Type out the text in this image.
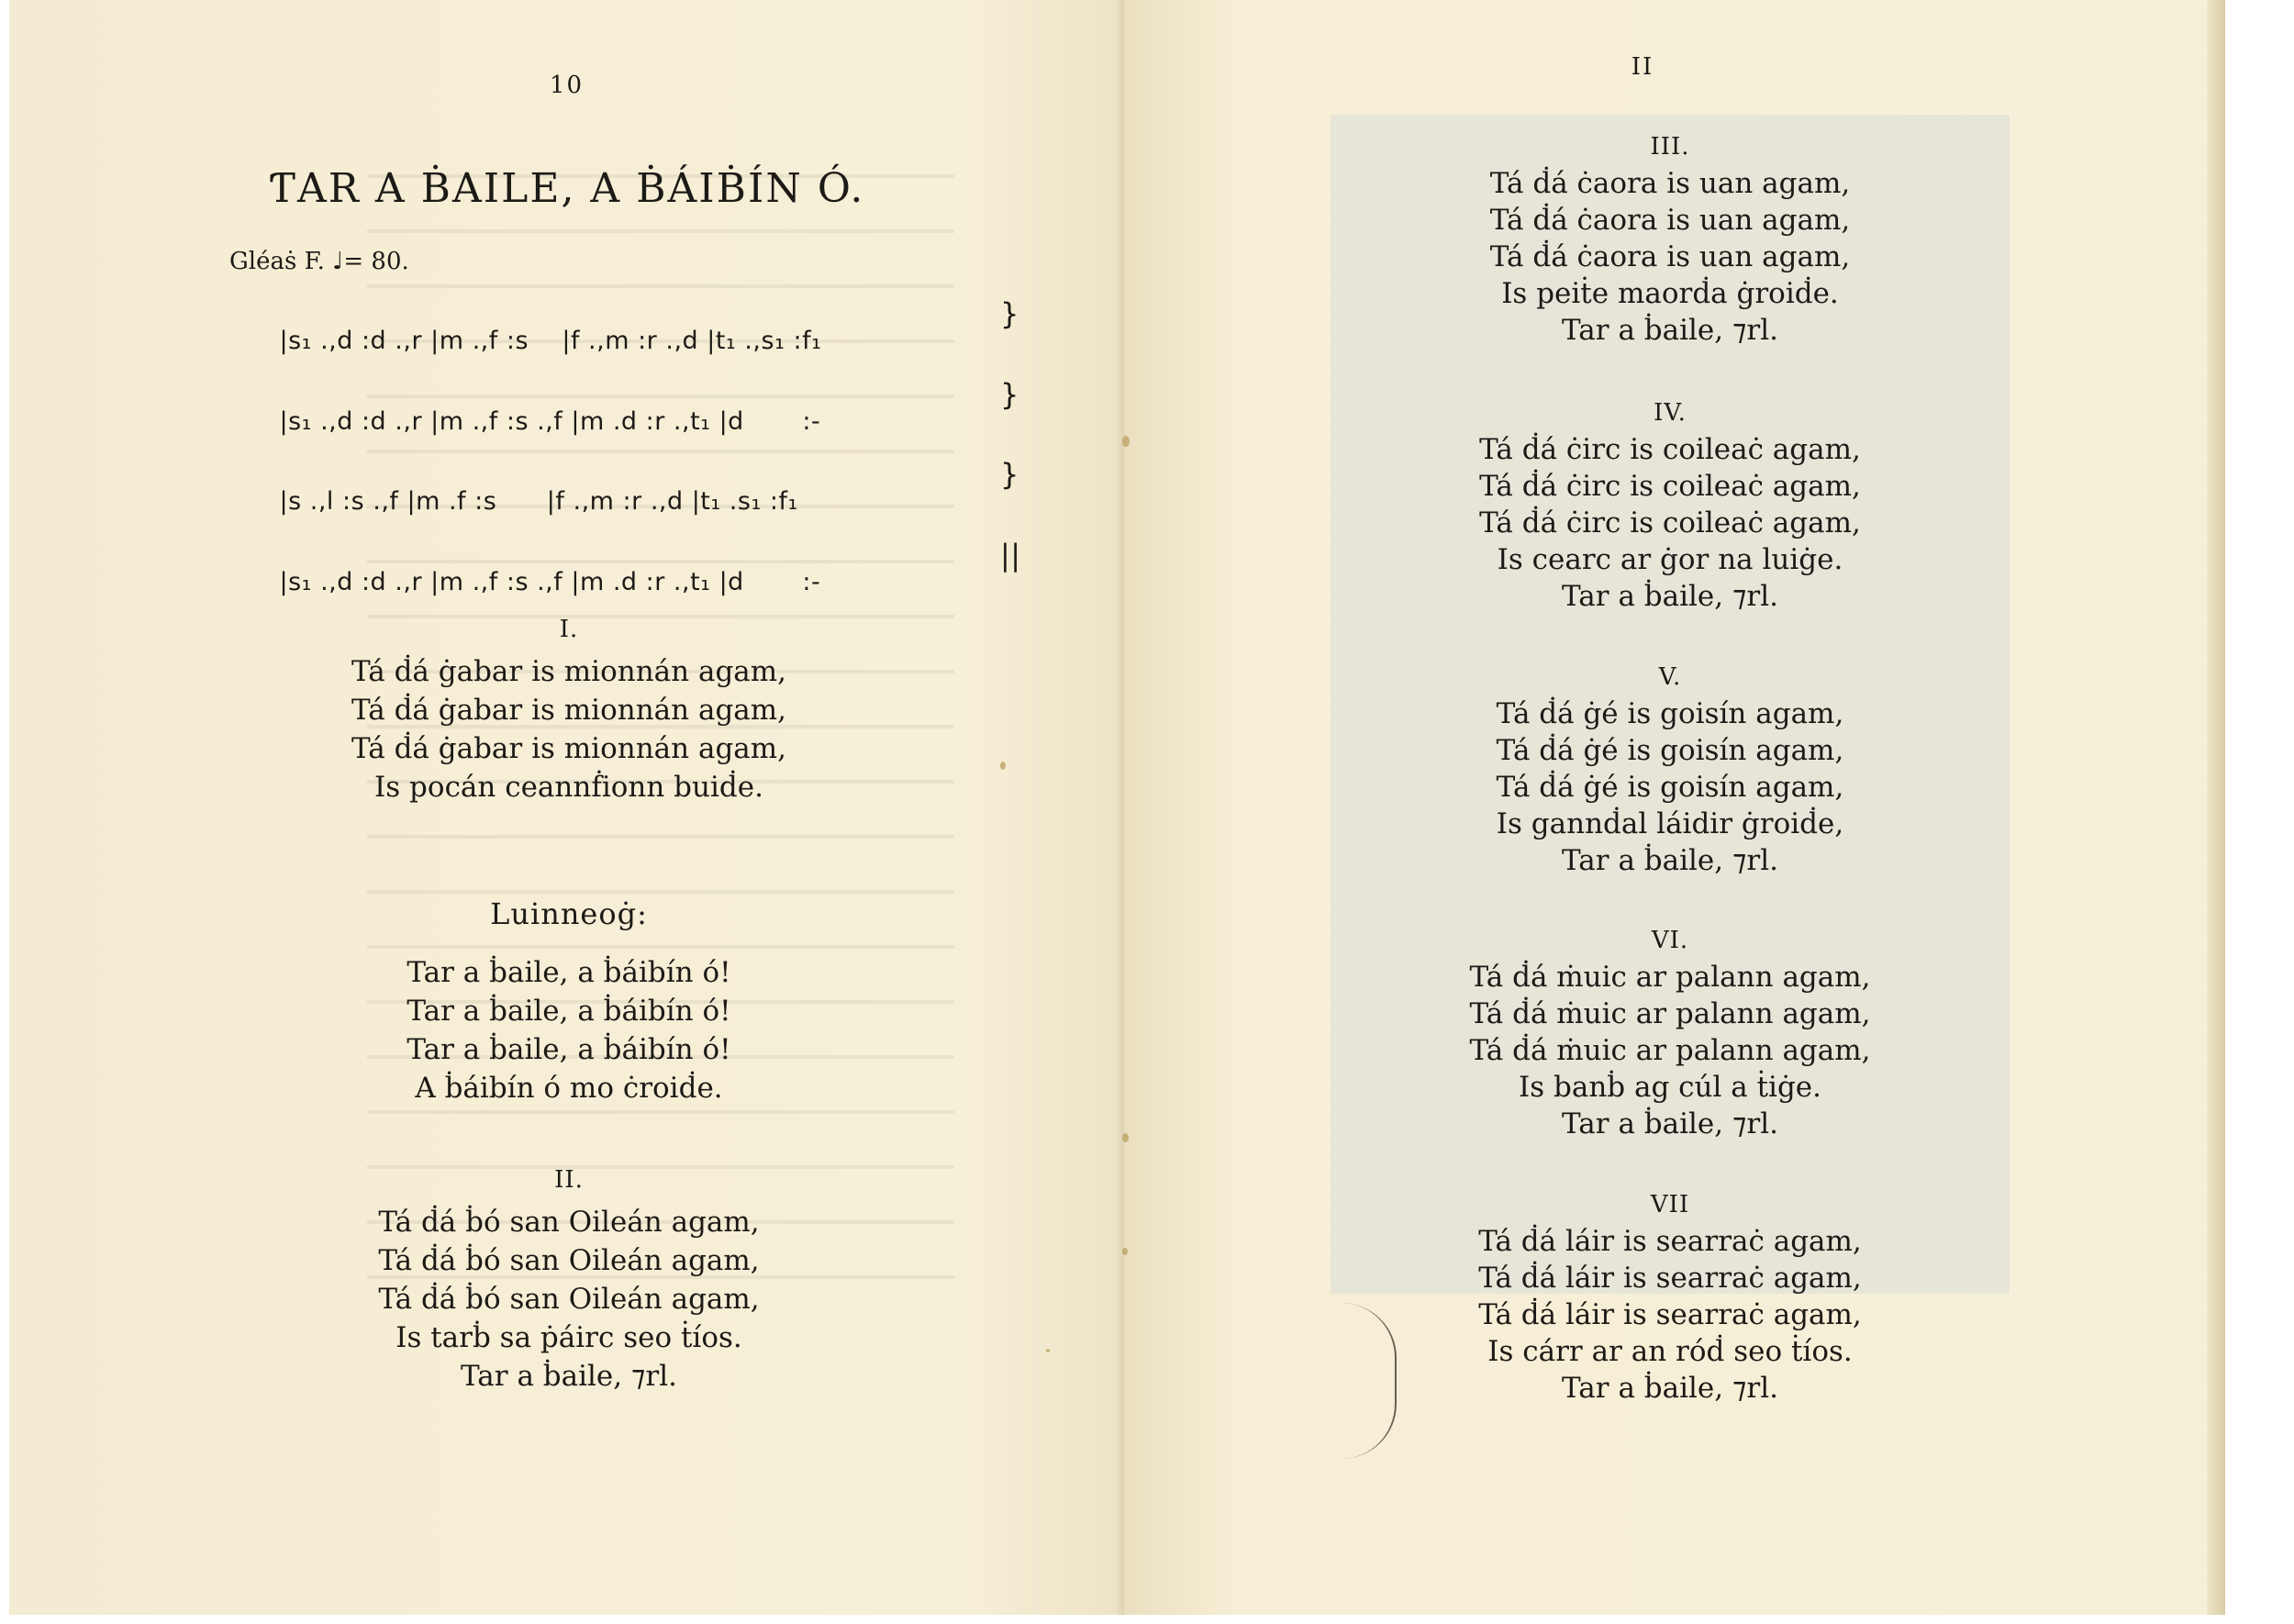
10
ƬAR A ḂAILE, A ḂÁIḂÍN Ó.
Gléaṡ F. ♩= 80.

|s₁ .,d :d .,r |m .,f :s    |f .,m :r .,d |t₁ .,s₁ :f₁

}

|s₁ .,d :d .,r |m .,f :s .,f |m .d :r .,t₁ |d       :-

}

|s .,l :s .,f |m .f :s      |f .,m :r .,d |t₁ .s₁ :f₁

}

|s₁ .,d :d .,r |m .,f :s .,f |m .d :r .,t₁ |d       :-

||

I.
Tá ḋá ġabar is mionnán agam,
Tá ḋá ġabar is mionnán agam,
Tá ḋá ġabar is mionnán agam,
Is pocán ceannḟionn buiḋe.
Luinneoġ:
Tar a ḃaile, a ḃáibín ó!
Tar a ḃaile, a ḃáibín ó!
Tar a ḃaile, a ḃáibín ó!
A ḃáibín ó mo ċroiḋe.
II.
Tá ḋá ḃó san Oileán agam,
Tá ḋá ḃó san Oileán agam,
Tá ḋá ḃó san Oileán agam,
Is tarḃ sa ṗáirc seo ṫíos.
Tar a ḃaile, ⁊rl.
II
III.
Tá ḋá ċaora is uan agam,
Tá ḋá ċaora is uan agam,
Tá ḋá ċaora is uan agam,
Is peiṫe maorḋa ġroiḋe.
Tar a ḃaile, ⁊rl.
IV.
Tá ḋá ċirc is coileaċ agam,
Tá ḋá ċirc is coileaċ agam,
Tá ḋá ċirc is coileaċ agam,
Is cearc ar ġor na luiġe.
Tar a ḃaile, ⁊rl.
V.
Tá ḋá ġé is goisín agam,
Tá ḋá ġé is goisín agam,
Tá ḋá ġé is goisín agam,
Is gannḋal láidir ġroiḋe,
Tar a ḃaile, ⁊rl.
VI.
Tá ḋá ṁuic ar palann agam,
Tá ḋá ṁuic ar palann agam,
Tá ḋá ṁuic ar palann agam,
Is banḃ ag cúl a ṫiġe.
Tar a ḃaile, ⁊rl.
VII
Tá ḋá láir is searraċ agam,
Tá ḋá láir is searraċ agam,
Tá ḋá láir is searraċ agam,
Is cárr ar an róḋ seo ṫíos.
Tar a ḃaile, ⁊rl.
